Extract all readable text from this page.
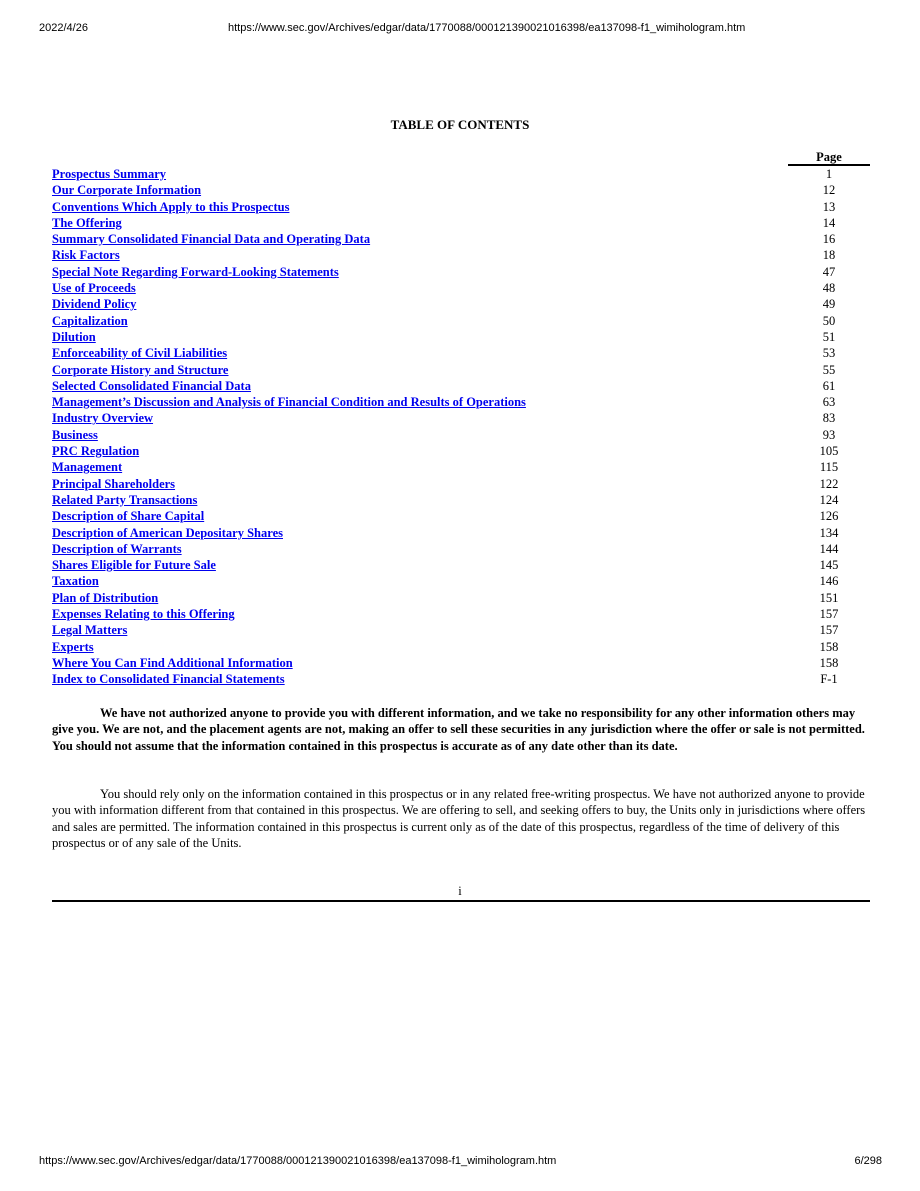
2022/4/26	https://www.sec.gov/Archives/edgar/data/1770088/000121390021016398/ea137098-f1_wimihologram.htm
TABLE OF CONTENTS
Page
Prospectus Summary	1
Our Corporate Information	12
Conventions Which Apply to this Prospectus	13
The Offering	14
Summary Consolidated Financial Data and Operating Data	16
Risk Factors	18
Special Note Regarding Forward-Looking Statements	47
Use of Proceeds	48
Dividend Policy	49
Capitalization	50
Dilution	51
Enforceability of Civil Liabilities	53
Corporate History and Structure	55
Selected Consolidated Financial Data	61
Management’s Discussion and Analysis of Financial Condition and Results of Operations	63
Industry Overview	83
Business	93
PRC Regulation	105
Management	115
Principal Shareholders	122
Related Party Transactions	124
Description of Share Capital	126
Description of American Depositary Shares	134
Description of Warrants	144
Shares Eligible for Future Sale	145
Taxation	146
Plan of Distribution	151
Expenses Relating to this Offering	157
Legal Matters	157
Experts	158
Where You Can Find Additional Information	158
Index to Consolidated Financial Statements	F-1
We have not authorized anyone to provide you with different information, and we take no responsibility for any other information others may give you. We are not, and the placement agents are not, making an offer to sell these securities in any jurisdiction where the offer or sale is not permitted. You should not assume that the information contained in this prospectus is accurate as of any date other than its date.
You should rely only on the information contained in this prospectus or in any related free-writing prospectus. We have not authorized anyone to provide you with information different from that contained in this prospectus. We are offering to sell, and seeking offers to buy, the Units only in jurisdictions where offers and sales are permitted. The information contained in this prospectus is current only as of the date of this prospectus, regardless of the time of delivery of this prospectus or of any sale of the Units.
i
https://www.sec.gov/Archives/edgar/data/1770088/000121390021016398/ea137098-f1_wimihologram.htm	6/298
